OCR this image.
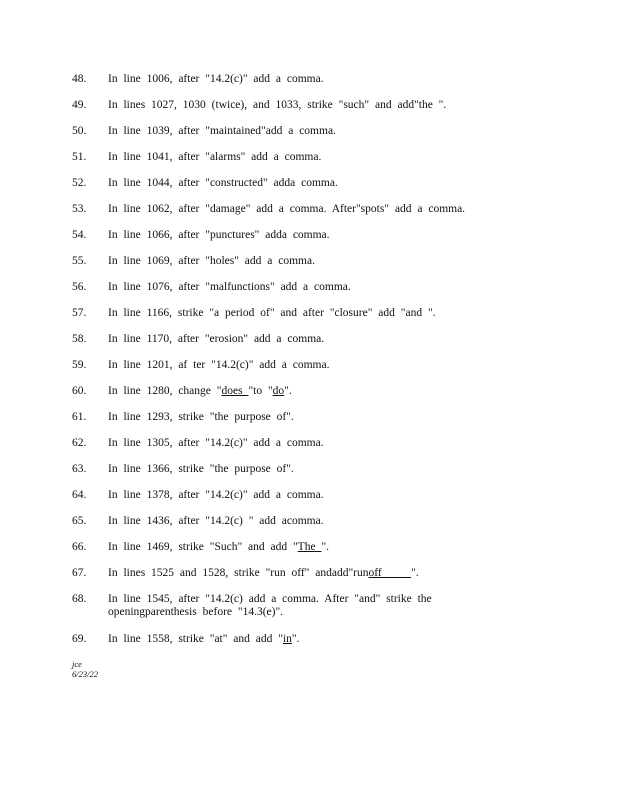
48.	In line 1006, after "14.2(c)" add a comma.
49.	In lines 1027, 1030 (twice), and 1033, strike "such" and add"the ".
50.	In line 1039, after "maintained"add a comma.
51.	In line 1041, after "alarms" add a comma.
52.	In line 1044, after "constructed" adda comma.
53.	In line 1062, after "damage" add a comma. After"spots" add a comma.
54.	In line 1066, after "punctures" adda comma.
55.	In line 1069, after "holes" add a comma.
56.	In line 1076, after "malfunctions" add a comma.
57.	In line 1166, strike "a period of" and after "closure" add "and ".
58.	In line 1170, after "erosion" add a comma.
59.	In line 1201, af ter "14.2(c)" add a comma.
60.	In line 1280, change "does "to "do".
61.	In line 1293, strike "the purpose of".
62.	In line 1305, after "14.2(c)" add a comma.
63.	In line 1366, strike "the purpose of".
64.	In line 1378, after "14.2(c)" add a comma.
65.	In line 1436, after "14.2(c) " add acomma.
66.	In line 1469, strike "Such" and add "The ".
67.	In lines 1525 and 1528, strike "run off" andadd"runoff     ".
68.	In line 1545, after "14.2(c) add a comma. After "and" strike the openingparenthesis before "14.3(e)".
69.	In line 1558, strike "at" and add "in".
jce
6/23/22
